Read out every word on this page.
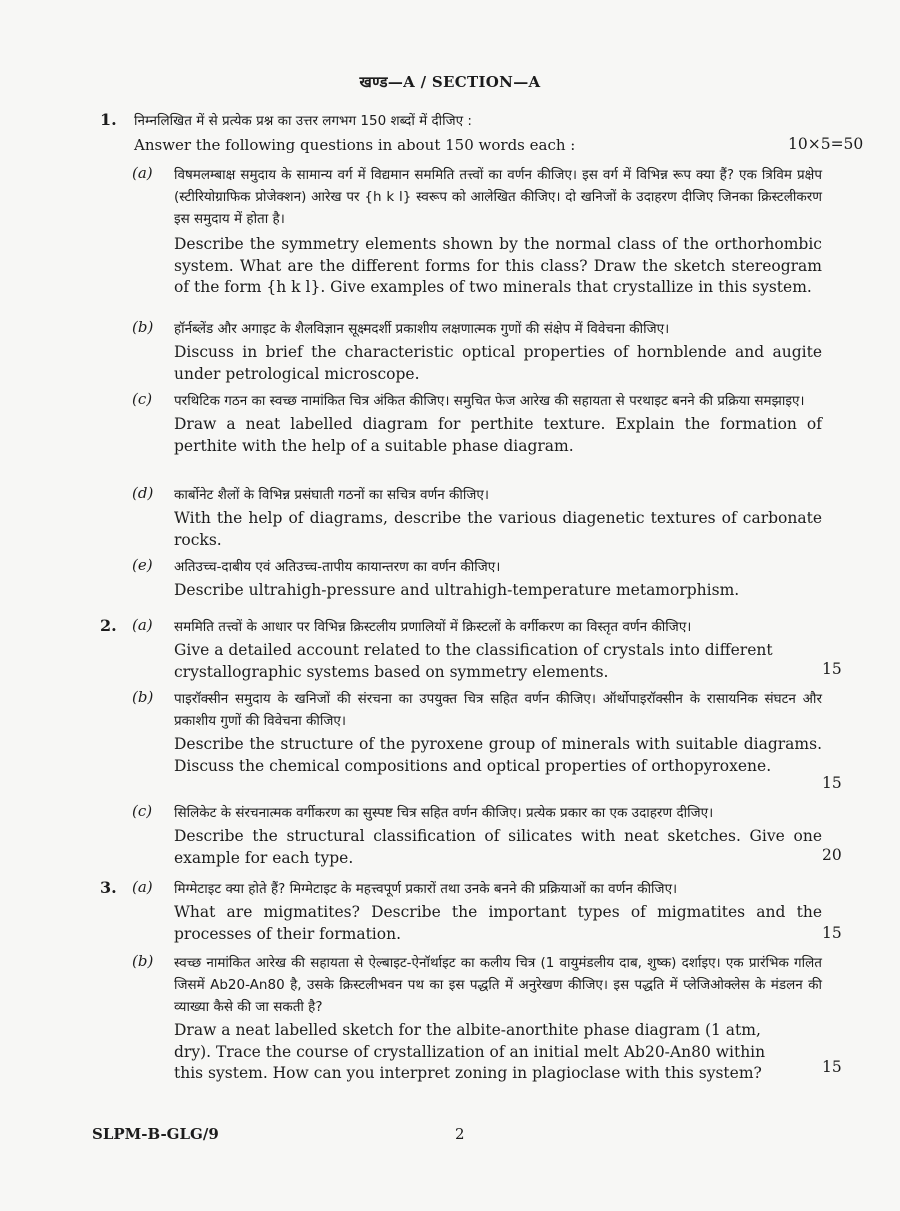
खण्ड—A / SECTION—A
1. निम्नलिखित में से प्रत्येक प्रश्न का उत्तर लगभग 150 शब्दों में दीजिए :
Answer the following questions in about 150 words each :	10×5=50
(a) विषमलम्बाक्ष समुदाय के सामान्य वर्ग में विद्यमान सममिति तत्त्वों का वर्णन कीजिए। इस वर्ग में विभिन्न रूप क्या हैं? एक त्रिविम प्रक्षेप (स्टीरियोग्राफिक प्रोजेक्शन) आरेख पर {h k l} स्वरूप को आलेखित कीजिए। दो खनिजों के उदाहरण दीजिए जिनका क्रिस्टलीकरण इस समुदाय में होता है।

Describe the symmetry elements shown by the normal class of the orthorhombic system. What are the different forms for this class? Draw the sketch stereogram of the form {h k l}. Give examples of two minerals that crystallize in this system.

(b) हॉर्नब्लेंड और अगाइट के शैलविज्ञान सूक्ष्मदर्शी प्रकाशीय लक्षणात्मक गुणों की संक्षेप में विवेचना कीजिए।

Discuss in brief the characteristic optical properties of hornblende and augite under petrological microscope.

(c) परथिटिक गठन का स्वच्छ नामांकित चित्र अंकित कीजिए। समुचित फेज आरेख की सहायता से परथाइट बनने की प्रक्रिया समझाइए।

Draw a neat labelled diagram for perthite texture. Explain the formation of perthite with the help of a suitable phase diagram.

(d) कार्बोनेट शैलों के विभिन्न प्रसंघाती गठनों का सचित्र वर्णन कीजिए।

With the help of diagrams, describe the various diagenetic textures of carbonate rocks.

(e) अतिउच्च-दाबीय एवं अतिउच्च-तापीय कायान्तरण का वर्णन कीजिए।

Describe ultrahigh-pressure and ultrahigh-temperature metamorphism.

2. (a) सममिति तत्त्वों के आधार पर विभिन्न क्रिस्टलीय प्रणालियों में क्रिस्टलों के वर्गीकरण का विस्तृत वर्णन कीजिए।

Give a detailed account related to the classification of crystals into different crystallographic systems based on symmetry elements.	15
(b) पाइरॉक्सीन समुदाय के खनिजों की संरचना का उपयुक्त चित्र सहित वर्णन कीजिए। ऑर्थोपाइरॉक्सीन के रासायनिक संघटन और प्रकाशीय गुणों की विवेचना कीजिए।

Describe the structure of the pyroxene group of minerals with suitable diagrams. Discuss the chemical compositions and optical properties of orthopyroxene.

15
(c) सिलिकेट के संरचनात्मक वर्गीकरण का सुस्पष्ट चित्र सहित वर्णन कीजिए। प्रत्येक प्रकार का एक उदाहरण दीजिए।

Describe the structural classification of silicates with neat sketches. Give one example for each type.	20
3. (a) मिग्मेटाइट क्या होते हैं? मिग्मेटाइट के महत्त्वपूर्ण प्रकारों तथा उनके बनने की प्रक्रियाओं का वर्णन कीजिए।

What are migmatites? Describe the important types of migmatites and the processes of their formation.	15
(b) स्वच्छ नामांकित आरेख की सहायता से ऐल्बाइट-ऐनॉर्थाइट का कलीय चित्र (1 वायुमंडलीय दाब, शुष्क) दर्शाइए। एक प्रारंभिक गलित जिसमें Ab20-An80 है, उसके क्रिस्टलीभवन पथ का इस पद्धति में अनुरेखण कीजिए। इस पद्धति में प्लेजिओक्लेस के मंडलन की व्याख्या कैसे की जा सकती है?

Draw a neat labelled sketch for the albite-anorthite phase diagram (1 atm, dry). Trace the course of crystallization of an initial melt Ab20-An80 within this system. How can you interpret zoning in plagioclase with this system?	15
SLPM-B-GLG/9	2
